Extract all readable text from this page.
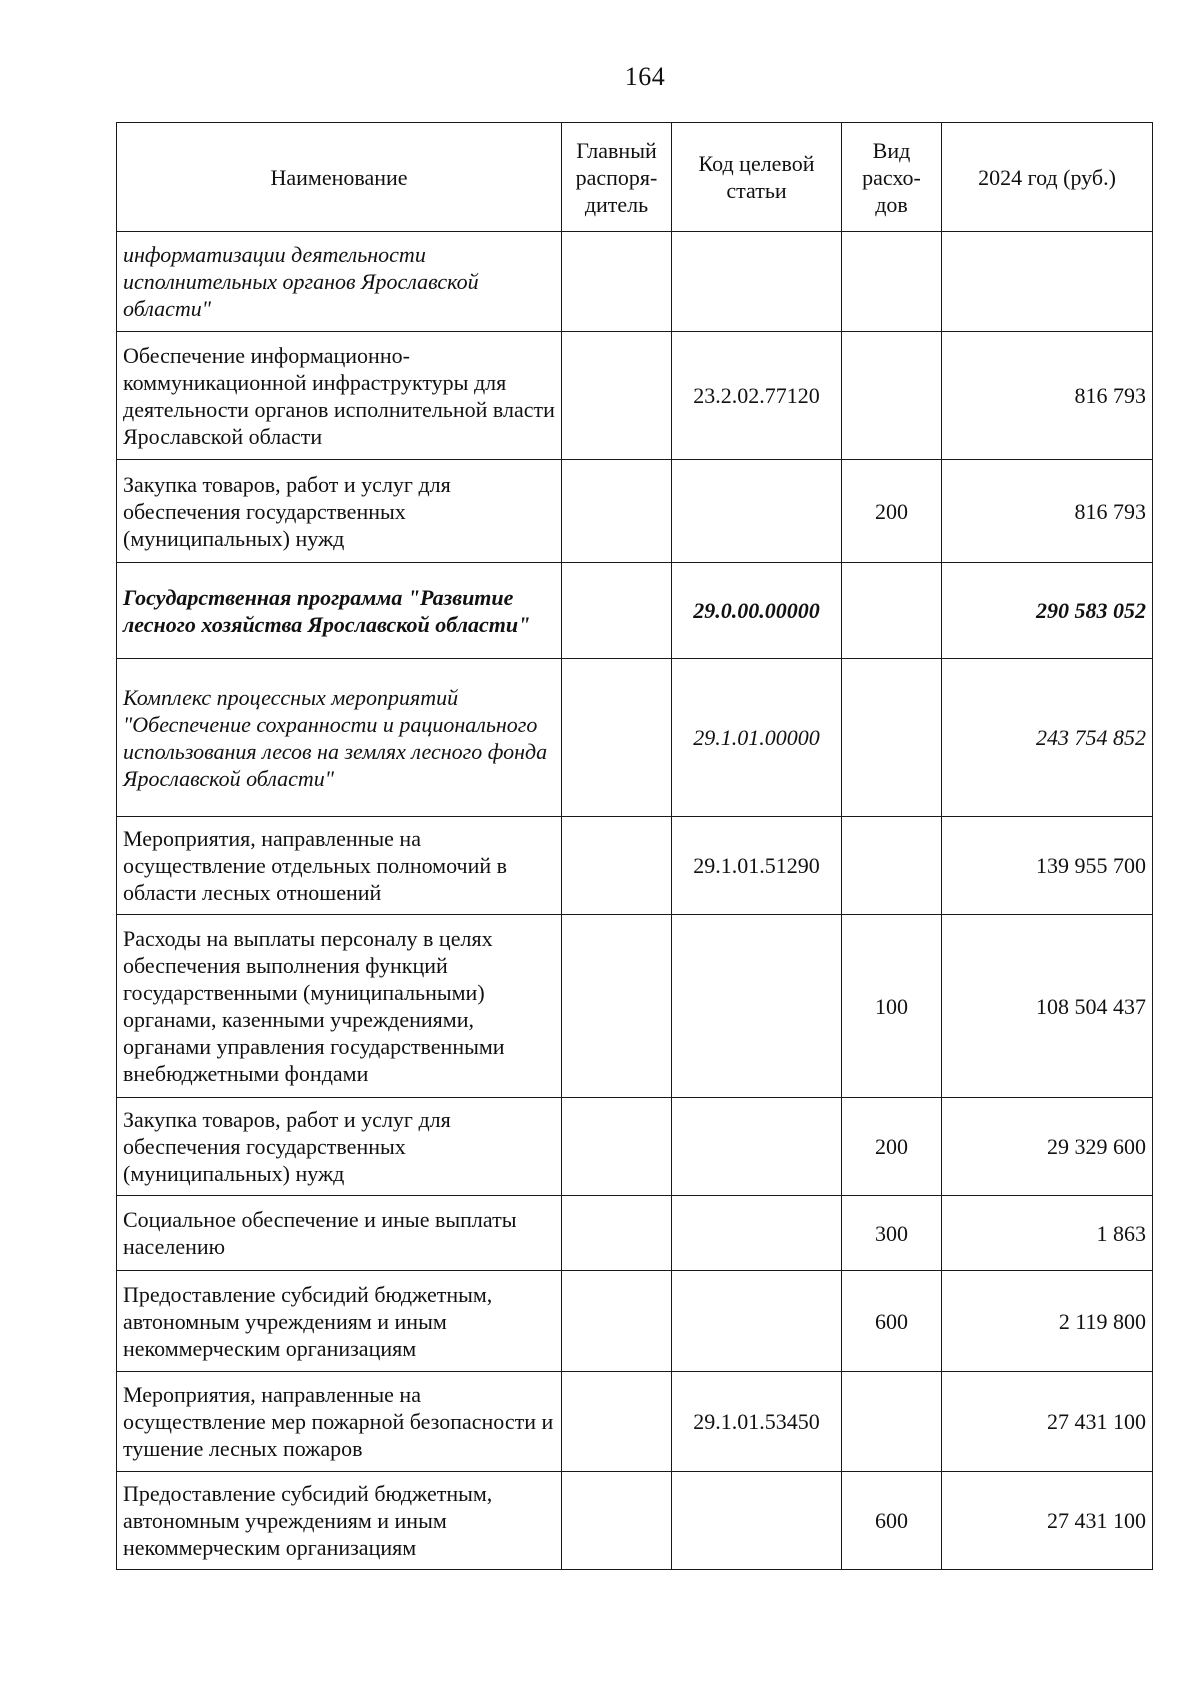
164
Наименование	Главный распоря-дитель	Код целевой статьи	Вид расхо-дов	2024 год (руб.)
информатизации деятельности исполнительных органов Ярославской области"				
Обеспечение информационно-коммуникационной инфраструктуры для деятельности органов исполнительной власти Ярославской области		23.2.02.77120		816 793
Закупка товаров, работ и услуг для обеспечения государственных (муниципальных) нужд			200	816 793
Государственная программа "Развитие лесного хозяйства Ярославской области"		29.0.00.00000		290 583 052
Комплекс процессных мероприятий "Обеспечение сохранности и рационального использования лесов на землях лесного фонда Ярославской области"		29.1.01.00000		243 754 852
Мероприятия, направленные на осуществление отдельных полномочий в области лесных отношений		29.1.01.51290		139 955 700
Расходы на выплаты персоналу в целях обеспечения выполнения функций государственными (муниципальными) органами, казенными учреждениями, органами управления государственными внебюджетными фондами			100	108 504 437
Закупка товаров, работ и услуг для обеспечения государственных (муниципальных) нужд			200	29 329 600
Социальное обеспечение и иные выплаты населению			300	1 863
Предоставление субсидий бюджетным, автономным учреждениям и иным некоммерческим организациям			600	2 119 800
Мероприятия, направленные на осуществление мер пожарной безопасности и тушение лесных пожаров		29.1.01.53450		27 431 100
Предоставление субсидий бюджетным, автономным учреждениям и иным некоммерческим организациям			600	27 431 100
